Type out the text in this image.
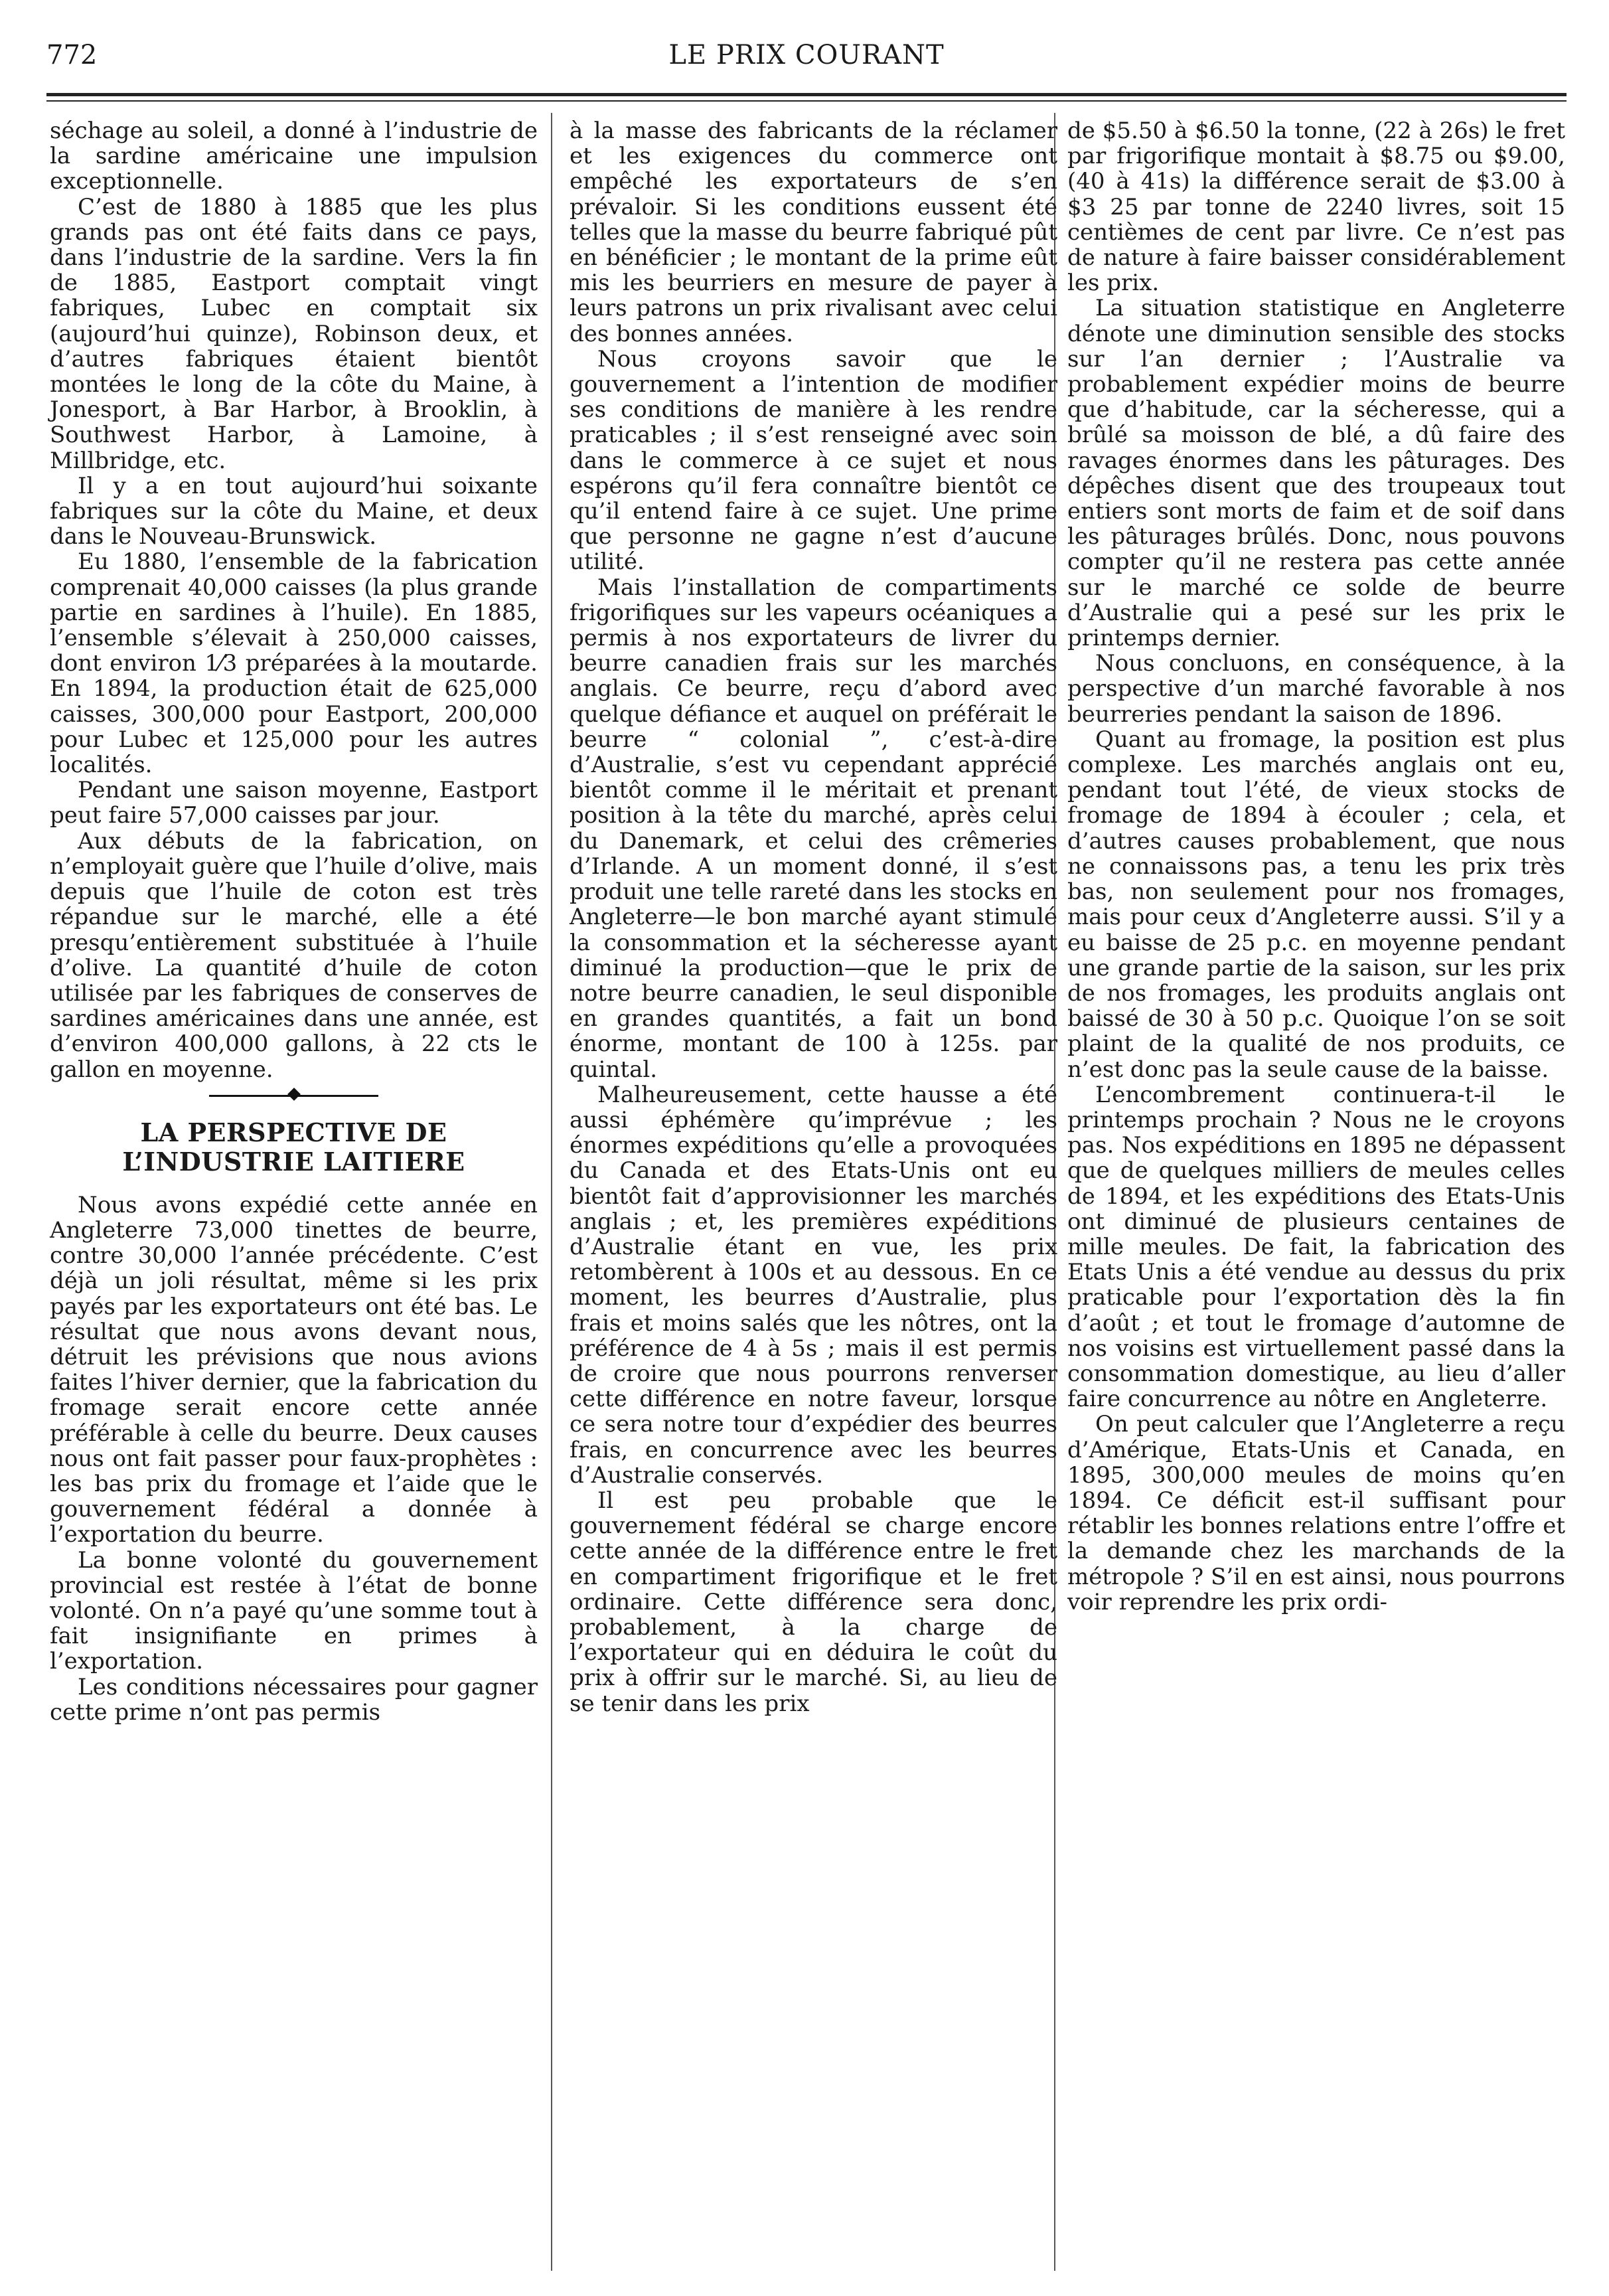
772	LE PRIX COURANT

séchage au soleil, a donné à l’industrie de la sardine américaine une impulsion exceptionnelle.

C’est de 1880 à 1885 que les plus grands pas ont été faits dans ce pays, dans l’industrie de la sardine. Vers la fin de 1885, Eastport comptait vingt fabriques, Lubec en comptait six (aujourd’hui quinze), Robinson deux, et d’autres fabriques étaient bientôt montées le long de la côte du Maine, à Jonesport, à Bar Harbor, à Brooklin, à Southwest Harbor, à Lamoine, à Millbridge, etc.

Il y a en tout aujourd’hui soixante fabriques sur la côte du Maine, et deux dans le Nouveau-Brunswick.

Eu 1880, l’ensemble de la fabrication comprenait 40,000 caisses (la plus grande partie en sardines à l’huile). En 1885, l’ensemble s’élevait à 250,000 caisses, dont environ 1⁄3 préparées à la moutarde. En 1894, la production était de 625,000 caisses, 300,000 pour Eastport, 200,000 pour Lubec et 125,000 pour les autres localités.

Pendant une saison moyenne, Eastport peut faire 57,000 caisses par jour.

Aux débuts de la fabrication, on n’employait guère que l’huile d’olive, mais depuis que l’huile de coton est très répandue sur le marché, elle a été presqu’entièrement substituée à l’huile d’olive. La quantité d’huile de coton utilisée par les fabriques de conserves de sardines américaines dans une année, est d’environ 400,000 gallons, à 22 cts le gallon en moyenne.

LA PERSPECTIVE DE L’INDUSTRIE LAITIERE

Nous avons expédié cette année en Angleterre 73,000 tinettes de beurre, contre 30,000 l’année précédente. C’est déjà un joli résultat, même si les prix payés par les exportateurs ont été bas. Le résultat que nous avons devant nous, détruit les prévisions que nous avions faites l’hiver dernier, que la fabrication du fromage serait encore cette année préférable à celle du beurre. Deux causes nous ont fait passer pour faux-prophètes : les bas prix du fromage et l’aide que le gouvernement fédéral a donnée à l’exportation du beurre.

La bonne volonté du gouvernement provincial est restée à l’état de bonne volonté. On n’a payé qu’une somme tout à fait insignifiante en primes à l’exportation.

Les conditions nécessaires pour gagner cette prime n’ont pas permis

à la masse des fabricants de la réclamer et les exigences du commerce ont empêché les exportateurs de s’en prévaloir. Si les conditions eussent été telles que la masse du beurre fabriqué pût en bénéficier ; le montant de la prime eût mis les beurriers en mesure de payer à leurs patrons un prix rivalisant avec celui des bonnes années.

Nous croyons savoir que le gouvernement a l’intention de modifier ses conditions de manière à les rendre praticables ; il s’est renseigné avec soin dans le commerce à ce sujet et nous espérons qu’il fera connaître bientôt ce qu’il entend faire à ce sujet. Une prime que personne ne gagne n’est d’aucune utilité.

Mais l’installation de compartiments frigorifiques sur les vapeurs océaniques a permis à nos exportateurs de livrer du beurre canadien frais sur les marchés anglais. Ce beurre, reçu d’abord avec quelque défiance et auquel on préférait le beurre “ colonial ”, c’est-à-dire d’Australie, s’est vu cependant apprécié bientôt comme il le méritait et prenant position à la tête du marché, après celui du Danemark, et celui des crêmeries d’Irlande. A un moment donné, il s’est produit une telle rareté dans les stocks en Angleterre—le bon marché ayant stimulé la consommation et la sécheresse ayant diminué la production—que le prix de notre beurre canadien, le seul disponible en grandes quantités, a fait un bond énorme, montant de 100 à 125s. par quintal.

Malheureusement, cette hausse a été aussi éphémère qu’imprévue ; les énormes expéditions qu’elle a provoquées du Canada et des Etats-Unis ont eu bientôt fait d’approvisionner les marchés anglais ; et, les premières expéditions d’Australie étant en vue, les prix retombèrent à 100s et au dessous. En ce moment, les beurres d’Australie, plus frais et moins salés que les nôtres, ont la préférence de 4 à 5s ; mais il est permis de croire que nous pourrons renverser cette différence en notre faveur, lorsque ce sera notre tour d’expédier des beurres frais, en concurrence avec les beurres d’Australie conservés.

Il est peu probable que le gouvernement fédéral se charge encore cette année de la différence entre le fret en compartiment frigorifique et le fret ordinaire. Cette différence sera donc, probablement, à la charge de l’exportateur qui en déduira le coût du prix à offrir sur le marché. Si, au lieu de se tenir dans les prix

de $5.50 à $6.50 la tonne, (22 à 26s) le fret par frigorifique montait à $8.75 ou $9.00, (40 à 41s) la différence serait de $3.00 à $3 25 par tonne de 2240 livres, soit 15 centièmes de cent par livre. Ce n’est pas de nature à faire baisser considérablement les prix.

La situation statistique en Angleterre dénote une diminution sensible des stocks sur l’an dernier ; l’Australie va probablement expédier moins de beurre que d’habitude, car la sécheresse, qui a brûlé sa moisson de blé, a dû faire des ravages énormes dans les pâturages. Des dépêches disent que des troupeaux tout entiers sont morts de faim et de soif dans les pâturages brûlés. Donc, nous pouvons compter qu’il ne restera pas cette année sur le marché ce solde de beurre d’Australie qui a pesé sur les prix le printemps dernier.

Nous concluons, en conséquence, à la perspective d’un marché favorable à nos beurreries pendant la saison de 1896.

Quant au fromage, la position est plus complexe. Les marchés anglais ont eu, pendant tout l’été, de vieux stocks de fromage de 1894 à écouler ; cela, et d’autres causes probablement, que nous ne connaissons pas, a tenu les prix très bas, non seulement pour nos fromages, mais pour ceux d’Angleterre aussi. S’il y a eu baisse de 25 p.c. en moyenne pendant une grande partie de la saison, sur les prix de nos fromages, les produits anglais ont baissé de 30 à 50 p.c. Quoique l’on se soit plaint de la qualité de nos produits, ce n’est donc pas la seule cause de la baisse.

L’encombrement continuera-t-il le printemps prochain ? Nous ne le croyons pas. Nos expéditions en 1895 ne dépassent que de quelques milliers de meules celles de 1894, et les expéditions des Etats-Unis ont diminué de plusieurs centaines de mille meules. De fait, la fabrication des Etats Unis a été vendue au dessus du prix praticable pour l’exportation dès la fin d’août ; et tout le fromage d’automne de nos voisins est virtuellement passé dans la consommation domestique, au lieu d’aller faire concurrence au nôtre en Angleterre.

On peut calculer que l’Angleterre a reçu d’Amérique, Etats-Unis et Canada, en 1895, 300,000 meules de moins qu’en 1894. Ce déficit est-il suffisant pour rétablir les bonnes relations entre l’offre et la demande chez les marchands de la métropole ? S’il en est ainsi, nous pourrons voir reprendre les prix ordi-
